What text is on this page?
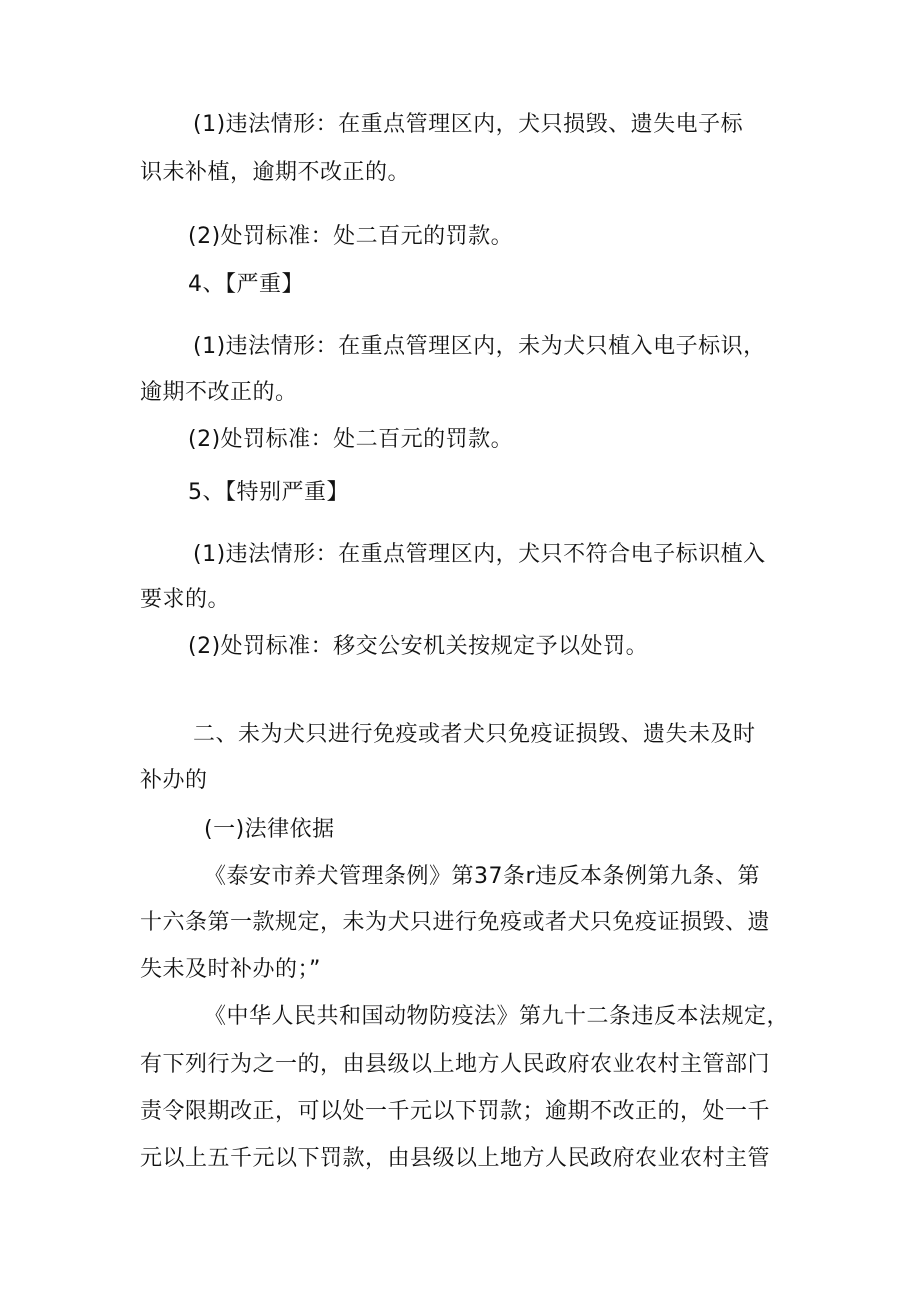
(1)违法情形：在重点管理区内，犬只损毁、遗失电子标
识未补植，逾期不改正的。
(2)处罚标准：处二百元的罚款。
4、【严重】
(1)违法情形：在重点管理区内，未为犬只植入电子标识，
逾期不改正的。
(2)处罚标准：处二百元的罚款。
5、【特别严重】
(1)违法情形：在重点管理区内，犬只不符合电子标识植入
要求的。
(2)处罚标准：移交公安机关按规定予以处罚。
二、未为犬只进行免疫或者犬只免疫证损毁、遗失未及时
补办的
(一)法律依据
《泰安市养犬管理条例》第37条r违反本条例第九条、第
十六条第一款规定，未为犬只进行免疫或者犬只免疫证损毁、遗
失未及时补办的；”
《中华人民共和国动物防疫法》第九十二条违反本法规定，
有下列行为之一的，由县级以上地方人民政府农业农村主管部门
责令限期改正，可以处一千元以下罚款；逾期不改正的，处一千
元以上五千元以下罚款，由县级以上地方人民政府农业农村主管
